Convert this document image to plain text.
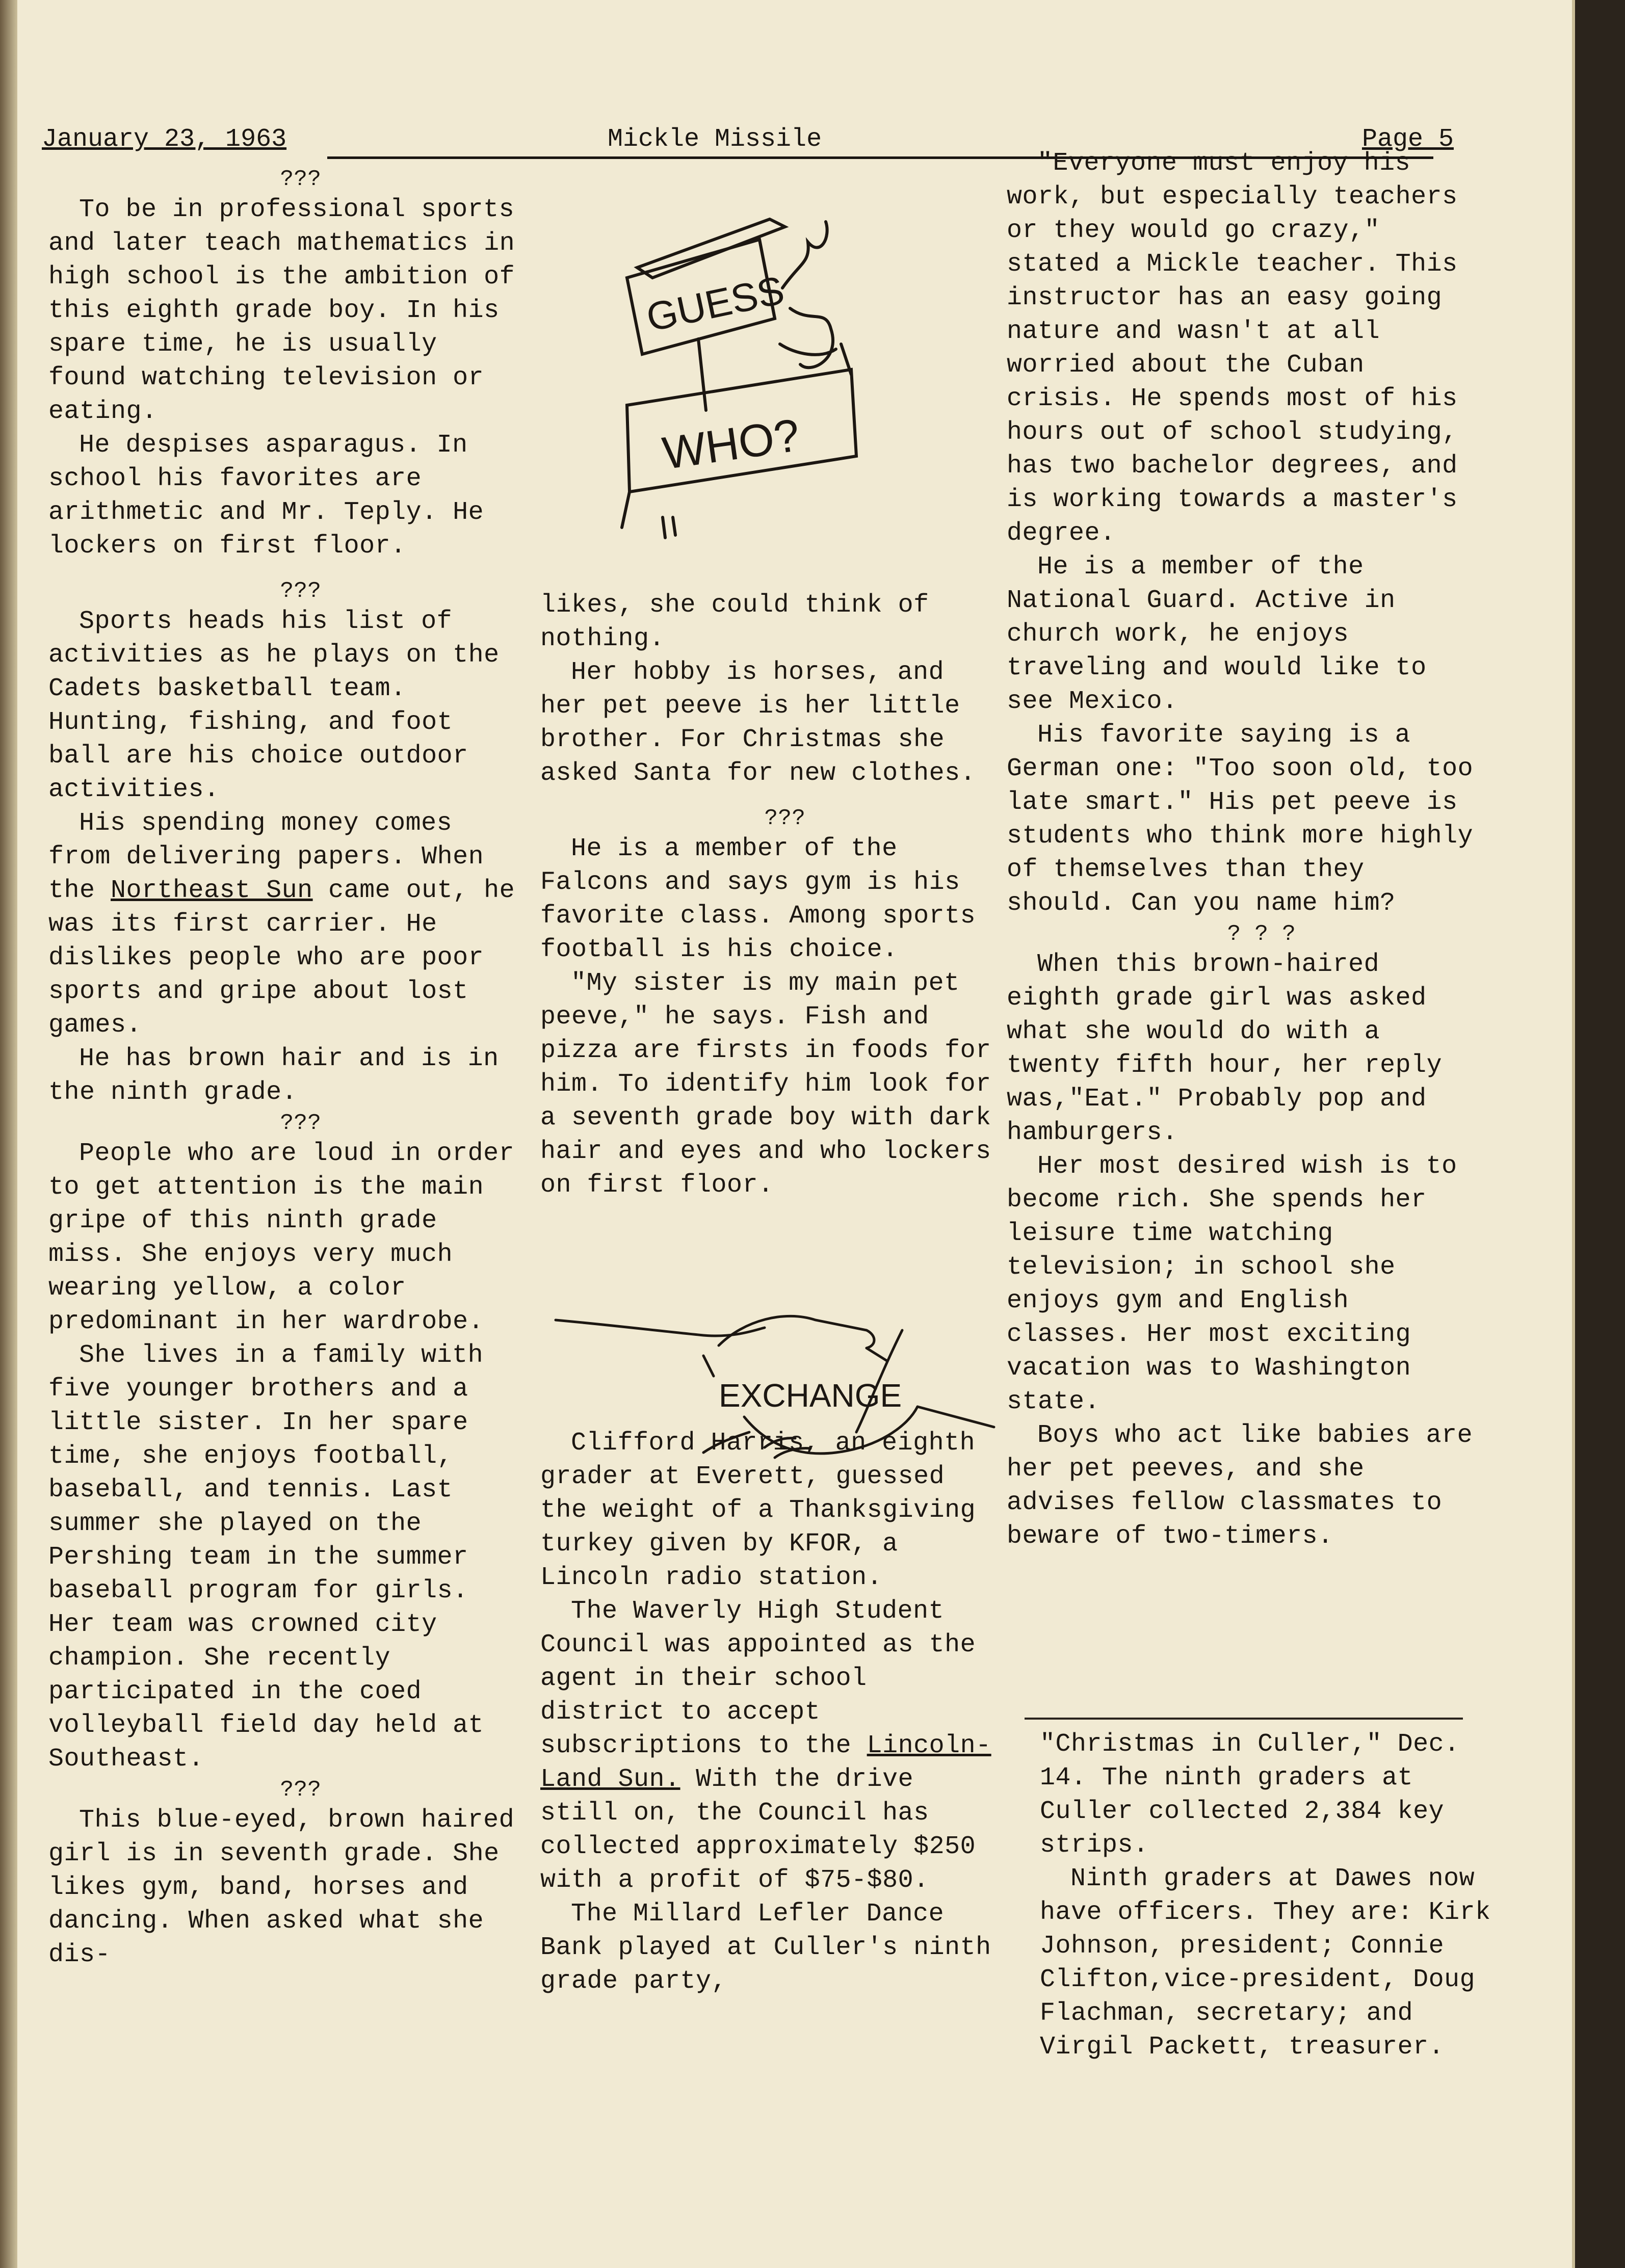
January 23, 1963	Mickle Missile	Page 5

???

To be in professional sports and later teach mathematics in high school is the ambition of this eighth grade boy. In his spare time, he is usually found watching television or eating.

He despises asparagus. In school his favorites are arithmetic and Mr. Teply. He lockers on first floor.

???

Sports heads his list of activities as he plays on the Cadets basketball team. Hunting, fishing, and foot ball are his choice outdoor activities.

His spending money comes from delivering papers. When the Northeast Sun came out, he was its first carrier. He dislikes people who are poor sports and gripe about lost games.

He has brown hair and is in the ninth grade.

???

People who are loud in order to get attention is the main gripe of this ninth grade miss. She enjoys very much wearing yellow, a color predominant in her wardrobe.

She lives in a family with five younger brothers and a little sister. In her spare time, she enjoys football, baseball, and tennis. Last summer she played on the Pershing team in the summer baseball program for girls. Her team was crowned city champion. She recently participated in the coed volleyball field day held at Southeast.

???

This blue-eyed, brown haired girl is in seventh grade. She likes gym, band, horses and dancing. When asked what she dis-

GUESS
WHO?

likes, she could think of nothing.

Her hobby is horses, and her pet peeve is her little brother. For Christmas she asked Santa for new clothes.

???

He is a member of the Falcons and says gym is his favorite class. Among sports football is his choice.

"My sister is my main pet peeve," he says. Fish and pizza are firsts in foods for him. To identify him look for a seventh grade boy with dark hair and eyes and who lockers on first floor.

Clifford Harris, an eighth grader at Everett, guessed the weight of a Thanksgiving turkey given by KFOR, a Lincoln radio station.

The Waverly High Student Council was appointed as the agent in their school district to accept subscriptions to the Lincoln-Land Sun. With the drive still on, the Council has collected approximately $250 with a profit of $75-$80.

The Millard Lefler Dance Bank played at Culler's ninth grade party,

EXCHANGE

"Everyone must enjoy his work, but especially teachers or they would go crazy," stated a Mickle teacher. This instructor has an easy going nature and wasn't at all worried about the Cuban crisis. He spends most of his hours out of school studying, has two bachelor degrees, and is working towards a master's degree.

He is a member of the National Guard. Active in church work, he enjoys traveling and would like to see Mexico.

His favorite saying is a German one: "Too soon old, too late smart." His pet peeve is students who think more highly of themselves than they should. Can you name him?

? ? ?

When this brown-haired eighth grade girl was asked what she would do with a twenty fifth hour, her reply was,"Eat." Probably pop and hamburgers.

Her most desired wish is to become rich. She spends her leisure time watching television; in school she enjoys gym and English classes. Her most exciting vacation was to Washington state.

Boys who act like babies are her pet peeves, and she advises fellow classmates to beware of two-timers.

"Christmas in Culler," Dec. 14. The ninth graders at Culler collected 2,384 key strips.

Ninth graders at Dawes now have officers. They are: Kirk Johnson, president; Connie Clifton,vice-president, Doug Flachman, secretary; and Virgil Packett, treasurer.
